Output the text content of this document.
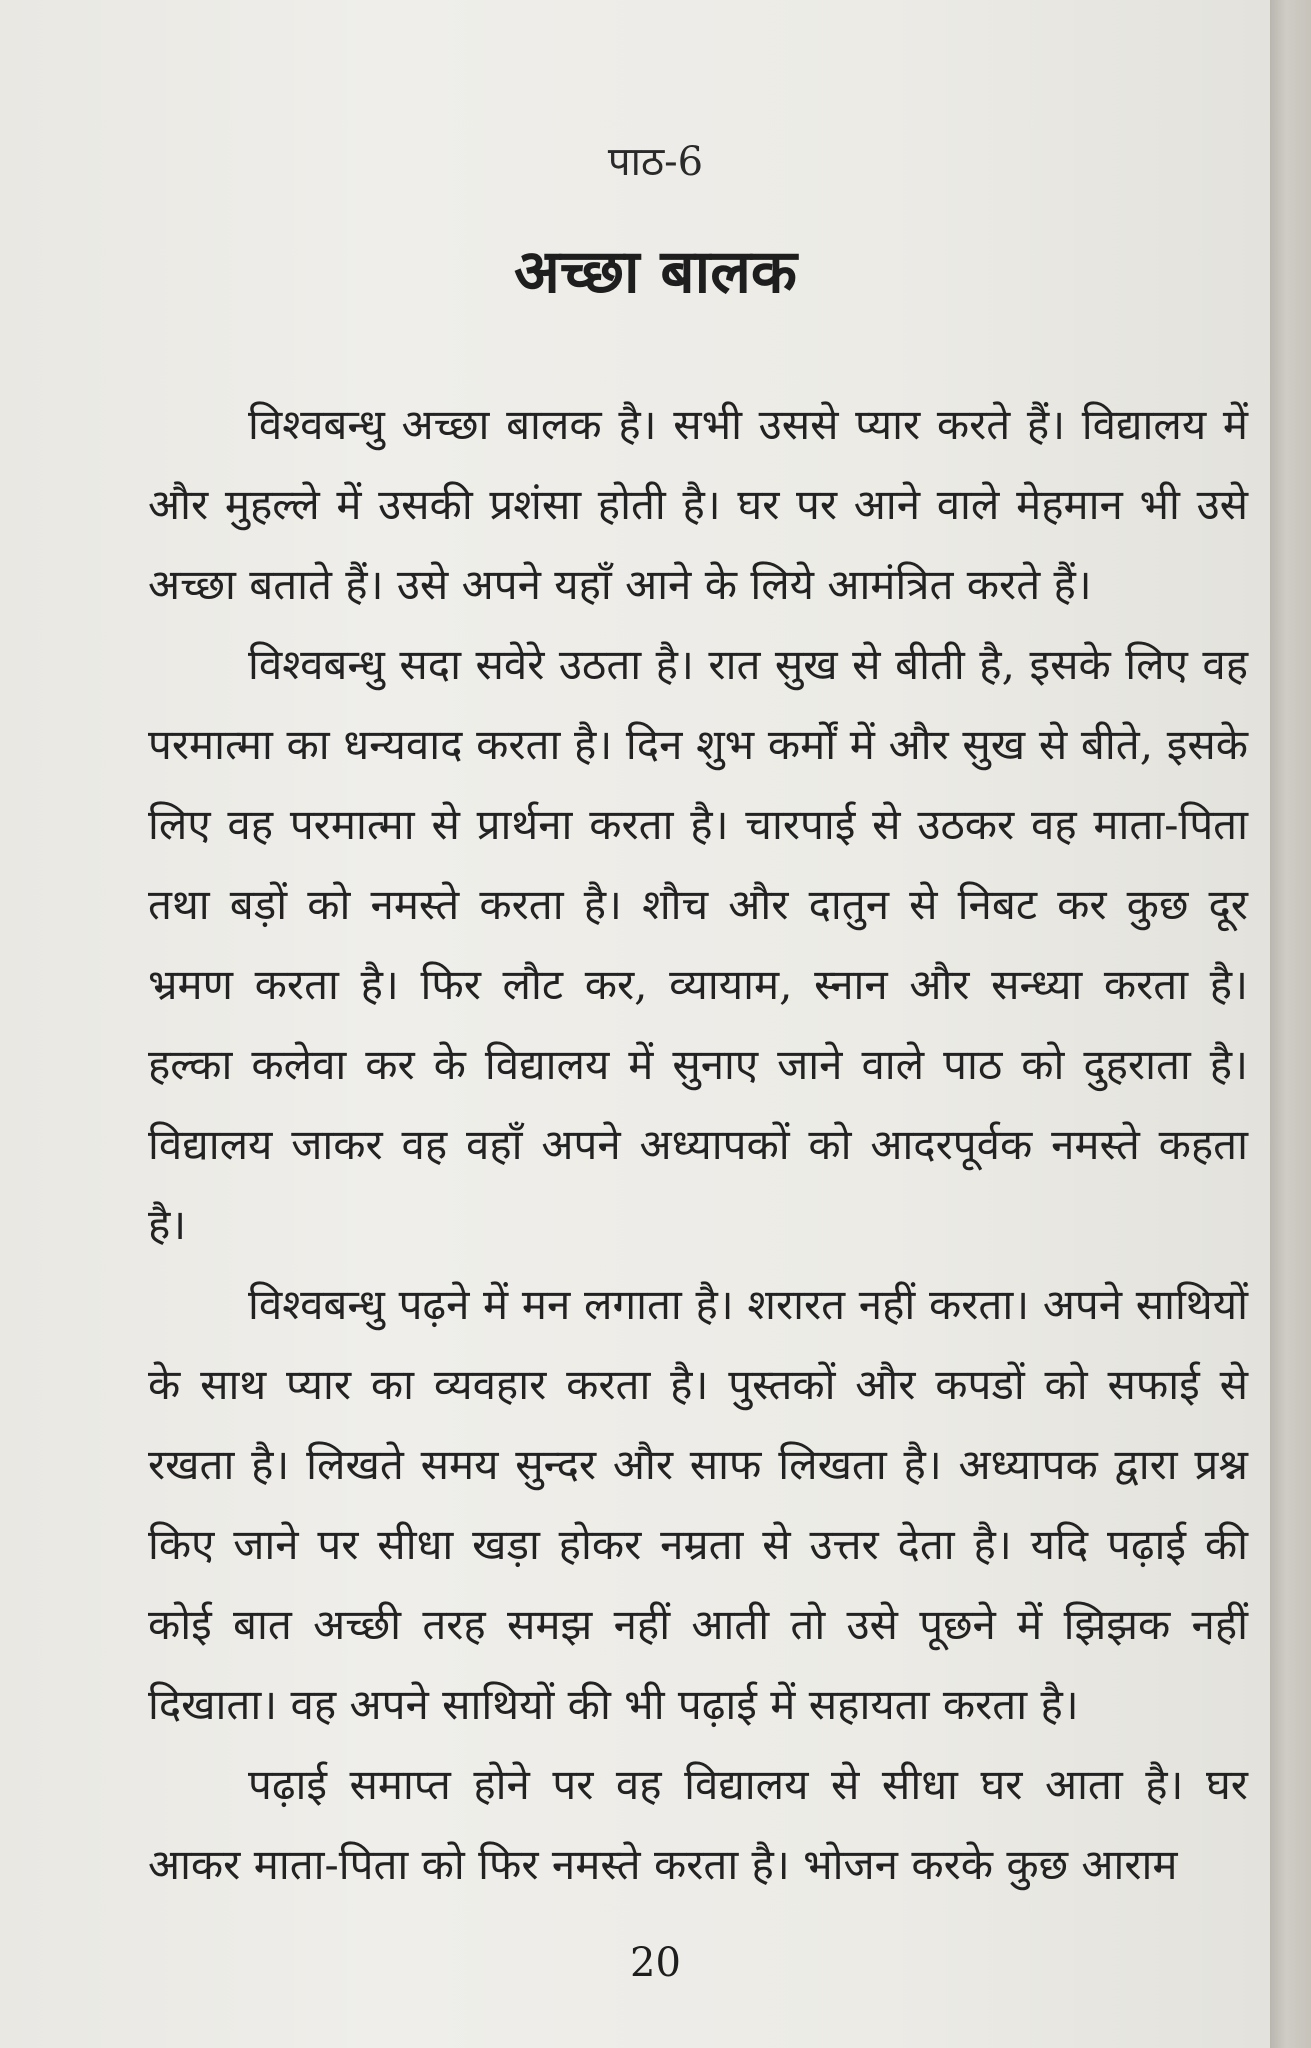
पाठ-6
अच्छा बालक

विश्वबन्धु अच्छा बालक है। सभी उससे प्यार करते हैं। विद्यालय में और मुहल्ले में उसकी प्रशंसा होती है। घर पर आने वाले मेहमान भी उसे अच्छा बताते हैं। उसे अपने यहाँ आने के लिये आमंत्रित करते हैं।

विश्वबन्धु सदा सवेरे उठता है। रात सुख से बीती है, इसके लिए वह परमात्मा का धन्यवाद करता है। दिन शुभ कर्मों में और सुख से बीते, इसके लिए वह परमात्मा से प्रार्थना करता है। चारपाई से उठकर वह माता-पिता तथा बड़ों को नमस्ते करता है। शौच और दातुन से निबट कर कुछ दूर भ्रमण करता है। फिर लौट कर, व्यायाम, स्नान और सन्ध्या करता है। हल्का कलेवा कर के विद्यालय में सुनाए जाने वाले पाठ को दुहराता है। विद्यालय जाकर वह वहाँ अपने अध्यापकों को आदरपूर्वक नमस्ते कहता है।

विश्वबन्धु पढ़ने में मन लगाता है। शरारत नहीं करता। अपने साथियों के साथ प्यार का व्यवहार करता है। पुस्तकों और कपडों को सफाई से रखता है। लिखते समय सुन्दर और साफ लिखता है। अध्यापक द्वारा प्रश्न किए जाने पर सीधा खड़ा होकर नम्रता से उत्तर देता है। यदि पढ़ाई की कोई बात अच्छी तरह समझ नहीं आती तो उसे पूछने में झिझक नहीं दिखाता। वह अपने साथियों की भी पढ़ाई में सहायता करता है।

पढ़ाई समाप्त होने पर वह विद्यालय से सीधा घर आता है। घर आकर माता-पिता को फिर नमस्ते करता है। भोजन करके कुछ आराम

20
